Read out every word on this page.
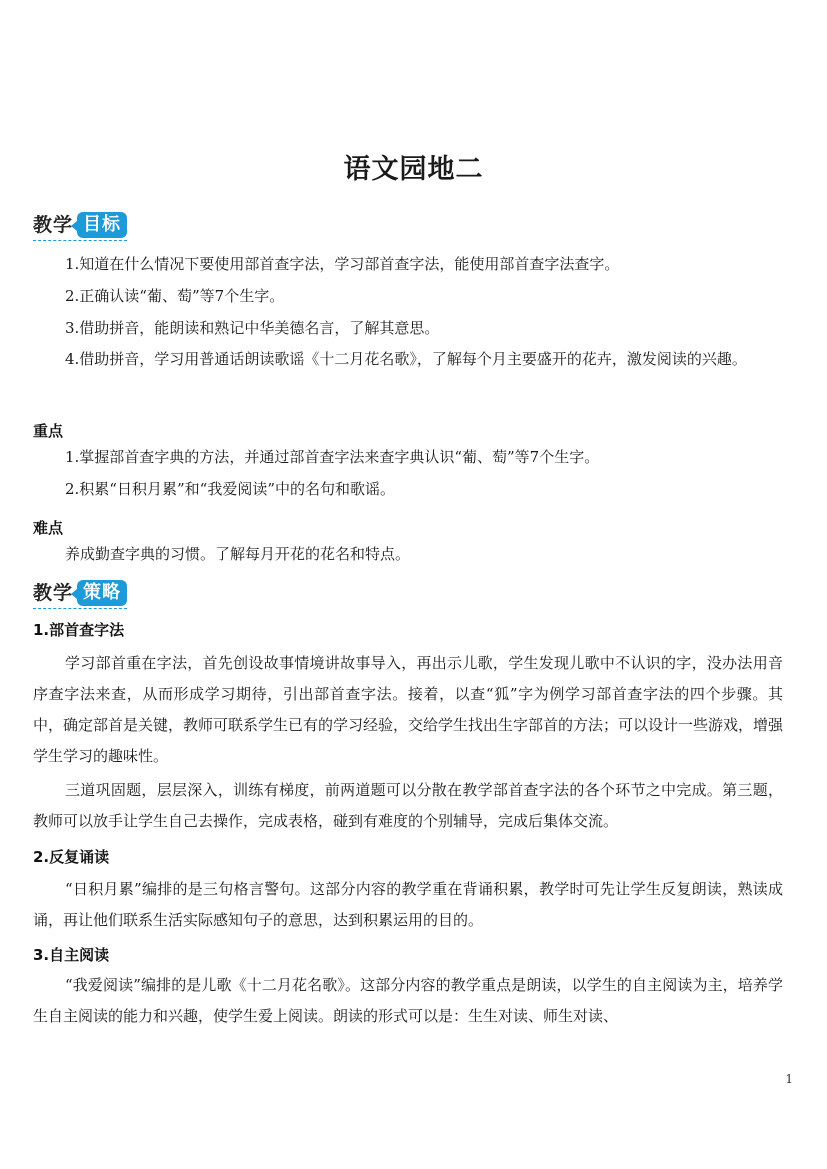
语文园地二
教学 目标
1.知道在什么情况下要使用部首查字法，学习部首查字法，能使用部首查字法查字。
2.正确认读“葡、萄”等7个生字。
3.借助拼音，能朗读和熟记中华美德名言，了解其意思。
4.借助拼音，学习用普通话朗读歌谣《十二月花名歌》，了解每个月主要盛开的花卉，激发阅读的兴趣。
重点
1.掌握部首查字典的方法，并通过部首查字法来查字典认识“葡、萄”等7个生字。
2.积累“日积月累”和“我爱阅读”中的名句和歌谣。
难点
养成勤查字典的习惯。了解每月开花的花名和特点。
教学 策略
1.部首查字法
学习部首重在字法，首先创设故事情境讲故事导入，再出示儿歌，学生发现儿歌中不认识的字，没办法用音序查字法来查，从而形成学习期待，引出部首查字法。接着，以查“狐”字为例学习部首查字法的四个步骤。其中，确定部首是关键，教师可联系学生已有的学习经验，交给学生找出生字部首的方法；可以设计一些游戏，增强学生学习的趣味性。
三道巩固题，层层深入，训练有梯度，前两道题可以分散在教学部首查字法的各个环节之中完成。第三题，教师可以放手让学生自己去操作，完成表格，碰到有难度的个别辅导，完成后集体交流。
2.反复诵读
“日积月累”编排的是三句格言警句。这部分内容的教学重在背诵积累，教学时可先让学生反复朗读，熟读成诵，再让他们联系生活实际感知句子的意思，达到积累运用的目的。
3.自主阅读
“我爱阅读”编排的是儿歌《十二月花名歌》。这部分内容的教学重点是朗读，以学生的自主阅读为主，培养学生自主阅读的能力和兴趣，使学生爱上阅读。朗读的形式可以是：生生对读、师生对读、
1
